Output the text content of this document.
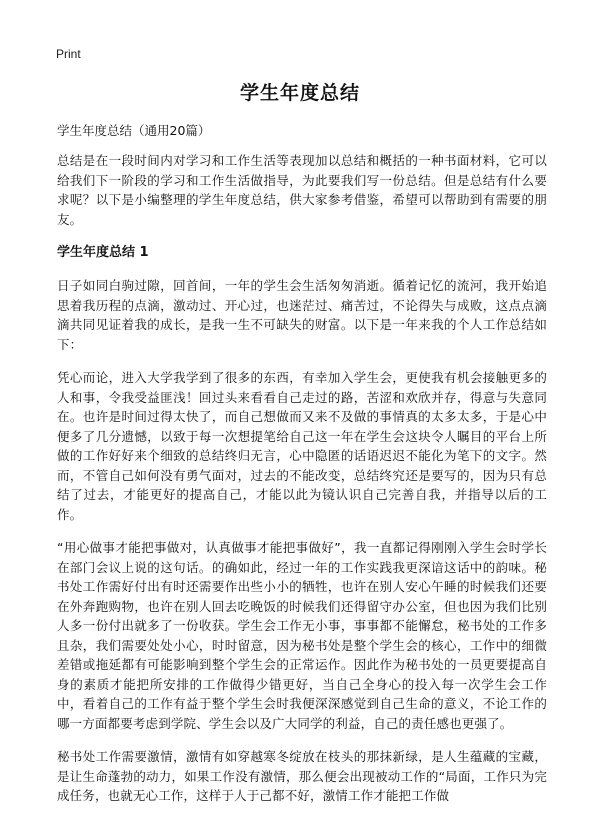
Print
学生年度总结

学生年度总结（通用20篇）

总结是在一段时间内对学习和工作生活等表现加以总结和概括的一种书面材料，它可以给我们下一阶段的学习和工作生活做指导，为此要我们写一份总结。但是总结有什么要求呢？以下是小编整理的学生年度总结，供大家参考借鉴，希望可以帮助到有需要的朋友。

学生年度总结 1

日子如同白驹过隙，回首间，一年的学生会生活匆匆消逝。循着记忆的流河，我开始追思着我历程的点滴，激动过、开心过，也迷茫过、痛苦过，不论得失与成败，这点点滴滴共同见证着我的成长，是我一生不可缺失的财富。以下是一年来我的个人工作总结如下：

凭心而论，进入大学我学到了很多的东西，有幸加入学生会，更使我有机会接触更多的人和事，令我受益匪浅！回过头来看看自己走过的路，苦涩和欢欣并存，得意与失意同在。也许是时间过得太快了，而自己想做而又来不及做的事情真的太多太多，于是心中便多了几分遗憾，以致于每一次想提笔给自己这一年在学生会这块令人瞩目的平台上所做的工作好好来个细致的总结终归无言，心中隐匿的话语迟迟不能化为笔下的文字。然而，不管自己如何没有勇气面对，过去的不能改变，总结终究还是要写的，因为只有总结了过去，才能更好的提高自己，才能以此为镜认识自己完善自我，并指导以后的工作。

“用心做事才能把事做对，认真做事才能把事做好”，我一直都记得刚刚入学生会时学长在部门会议上说的这句话。的确如此，经过一年的工作实践我更深谙这话中的韵味。秘书处工作需好付出有时还需要作出些小小的牺牲，也许在别人安心午睡的时候我们还要在外奔跑购物，也许在别人回去吃晚饭的时候我们还得留守办公室，但也因为我们比别人多一份付出就多了一份收获。学生会工作无小事，事事都不能懈怠，秘书处的工作多且杂，我们需要处处小心，时时留意，因为秘书处是整个学生会的核心，工作中的细微差错或拖延都有可能影响到整个学生会的正常运作。因此作为秘书处的一员更要提高自身的素质才能把所安排的工作做得少错更好，当自己全身心的投入每一次学生会工作中，看着自己的工作有益于整个学生会时我便深深感觉到自己生命的意义，不论工作的哪一方面都要考虑到学院、学生会以及广大同学的利益，自己的责任感也更强了。

秘书处工作需要激情，激情有如穿越寒冬绽放在枝头的那抹新绿，是人生蕴藏的宝藏，是让生命蓬勃的动力，如果工作没有激情，那么便会出现被动工作的“局面，工作只为完成任务，也就无心工作，这样于人于己都不好，激情工作才能把工作做
